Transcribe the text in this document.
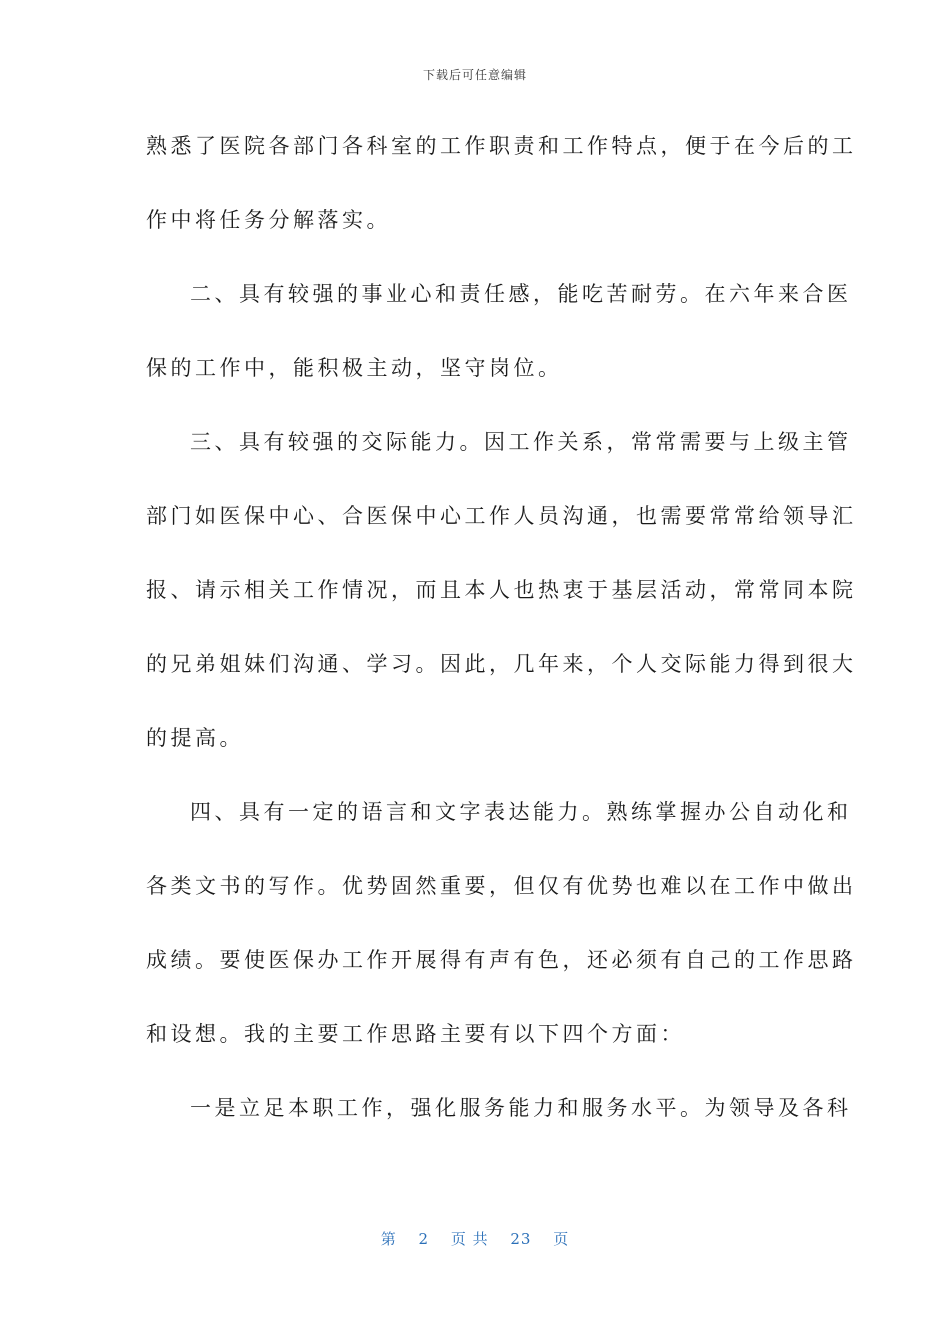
下载后可任意编辑
熟悉了医院各部门各科室的工作职责和工作特点，便于在今后的工
作中将任务分解落实。
二、具有较强的事业心和责任感，能吃苦耐劳。在六年来合医
保的工作中，能积极主动，坚守岗位。
三、具有较强的交际能力。因工作关系，常常需要与上级主管
部门如医保中心、合医保中心工作人员沟通，也需要常常给领导汇
报、请示相关工作情况，而且本人也热衷于基层活动，常常同本院
的兄弟姐妹们沟通、学习。因此，几年来，个人交际能力得到很大
的提高。
四、具有一定的语言和文字表达能力。熟练掌握办公自动化和
各类文书的写作。优势固然重要，但仅有优势也难以在工作中做出
成绩。要使医保办工作开展得有声有色，还必须有自己的工作思路
和设想。我的主要工作思路主要有以下四个方面：
一是立足本职工作，强化服务能力和服务水平。为领导及各科
第 2 页 共 23 页
